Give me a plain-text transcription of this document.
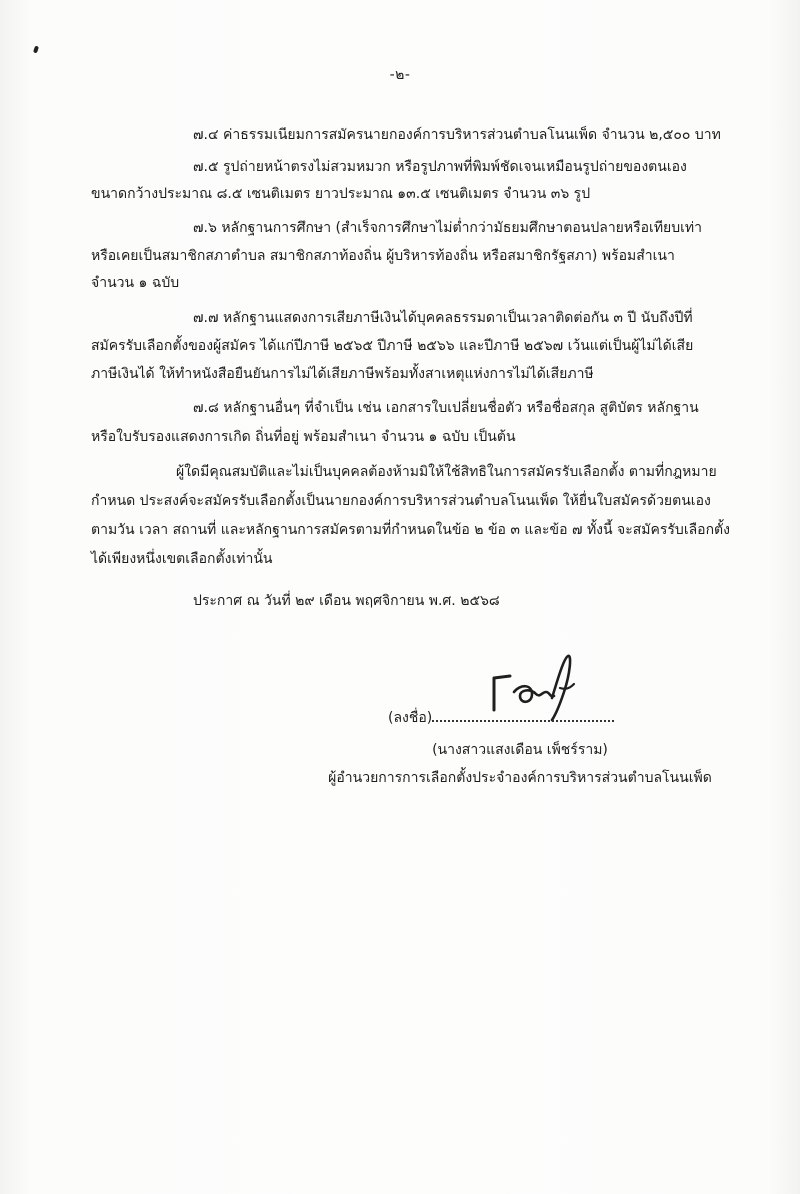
-๒-
๗.๔ ค่าธรรมเนียมการสมัครนายกองค์การบริหารส่วนตำบลโนนเพ็ด จำนวน ๒,๕๐๐ บาท
๗.๕ รูปถ่ายหน้าตรงไม่สวมหมวก หรือรูปภาพที่พิมพ์ชัดเจนเหมือนรูปถ่ายของตนเอง
ขนาดกว้างประมาณ ๘.๕ เซนติเมตร ยาวประมาณ ๑๓.๕ เซนติเมตร จำนวน ๓๖ รูป
๗.๖ หลักฐานการศึกษา (สำเร็จการศึกษาไม่ต่ำกว่ามัธยมศึกษาตอนปลายหรือเทียบเท่า
หรือเคยเป็นสมาชิกสภาตำบล สมาชิกสภาท้องถิ่น ผู้บริหารท้องถิ่น หรือสมาชิกรัฐสภา) พร้อมสำเนา
จำนวน ๑ ฉบับ
๗.๗ หลักฐานแสดงการเสียภาษีเงินได้บุคคลธรรมดาเป็นเวลาติดต่อกัน ๓ ปี นับถึงปีที่
สมัครรับเลือกตั้งของผู้สมัคร ได้แก่ปีภาษี ๒๕๖๕ ปีภาษี ๒๕๖๖ และปีภาษี ๒๕๖๗ เว้นแต่เป็นผู้ไม่ได้เสีย
ภาษีเงินได้ ให้ทำหนังสือยืนยันการไม่ได้เสียภาษีพร้อมทั้งสาเหตุแห่งการไม่ได้เสียภาษี
๗.๘ หลักฐานอื่นๆ ที่จำเป็น เช่น เอกสารใบเปลี่ยนชื่อตัว หรือชื่อสกุล สูติบัตร หลักฐาน
หรือใบรับรองแสดงการเกิด ถิ่นที่อยู่ พร้อมสำเนา จำนวน ๑ ฉบับ เป็นต้น
ผู้ใดมีคุณสมบัติและไม่เป็นบุคคลต้องห้ามมิให้ใช้สิทธิในการสมัครรับเลือกตั้ง ตามที่กฎหมาย
กำหนด ประสงค์จะสมัครรับเลือกตั้งเป็นนายกองค์การบริหารส่วนตำบลโนนเพ็ด ให้ยื่นใบสมัครด้วยตนเอง
ตามวัน เวลา สถานที่ และหลักฐานการสมัครตามที่กำหนดในข้อ ๒ ข้อ ๓ และข้อ ๗ ทั้งนี้ จะสมัครรับเลือกตั้ง
ได้เพียงหนึ่งเขตเลือกตั้งเท่านั้น
ประกาศ ณ วันที่ ๒๙ เดือน พฤศจิกายน พ.ศ. ๒๕๖๘
(ลงชื่อ)
(นางสาวแสงเดือน เพ็ชร์ราม)
ผู้อำนวยการการเลือกตั้งประจำองค์การบริหารส่วนตำบลโนนเพ็ด
